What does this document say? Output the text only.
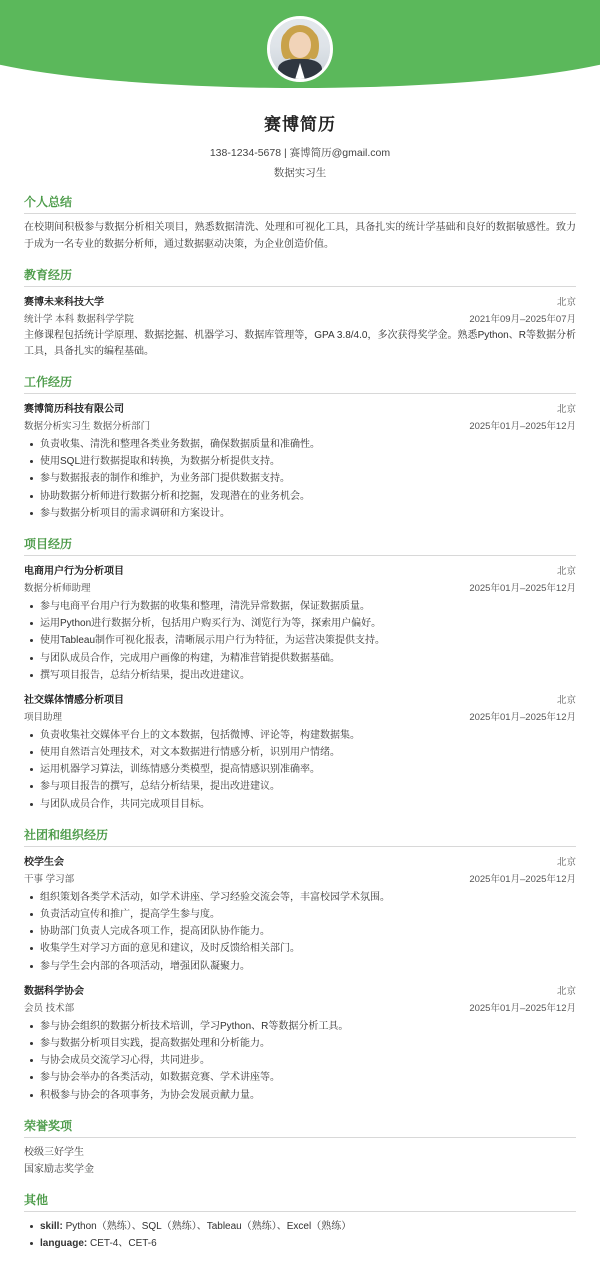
赛博简历
138-1234-5678 | 赛博简历@gmail.com
数据实习生
个人总结
在校期间积极参与数据分析相关项目，熟悉数据清洗、处理和可视化工具，具备扎实的统计学基础和良好的数据敏感性。致力于成为一名专业的数据分析师，通过数据驱动决策，为企业创造价值。
教育经历
赛博未来科技大学	北京
统计学 本科 数据科学学院	2021年09月–2025年07月
主修课程包括统计学原理、数据挖掘、机器学习、数据库管理等，GPA 3.8/4.0，多次获得奖学金。熟悉Python、R等数据分析工具，具备扎实的编程基础。
工作经历
赛博简历科技有限公司	北京
数据分析实习生 数据分析部门	2025年01月–2025年12月
负责收集、清洗和整理各类业务数据，确保数据质量和准确性。
使用SQL进行数据提取和转换，为数据分析提供支持。
参与数据报表的制作和维护，为业务部门提供数据支持。
协助数据分析师进行数据分析和挖掘，发现潜在的业务机会。
参与数据分析项目的需求调研和方案设计。
项目经历
电商用户行为分析项目	北京
数据分析师助理	2025年01月–2025年12月
参与电商平台用户行为数据的收集和整理，清洗异常数据，保证数据质量。
运用Python进行数据分析，包括用户购买行为、浏览行为等，探索用户偏好。
使用Tableau制作可视化报表，清晰展示用户行为特征，为运营决策提供支持。
与团队成员合作，完成用户画像的构建，为精准营销提供数据基础。
撰写项目报告，总结分析结果，提出改进建议。
社交媒体情感分析项目	北京
项目助理	2025年01月–2025年12月
负责收集社交媒体平台上的文本数据，包括微博、评论等，构建数据集。
使用自然语言处理技术，对文本数据进行情感分析，识别用户情绪。
运用机器学习算法，训练情感分类模型，提高情感识别准确率。
参与项目报告的撰写，总结分析结果，提出改进建议。
与团队成员合作，共同完成项目目标。
社团和组织经历
校学生会	北京
干事 学习部	2025年01月–2025年12月
组织策划各类学术活动，如学术讲座、学习经验交流会等，丰富校园学术氛围。
负责活动宣传和推广，提高学生参与度。
协助部门负责人完成各项工作，提高团队协作能力。
收集学生对学习方面的意见和建议，及时反馈给相关部门。
参与学生会内部的各项活动，增强团队凝聚力。
数据科学协会	北京
会员 技术部	2025年01月–2025年12月
参与协会组织的数据分析技术培训，学习Python、R等数据分析工具。
参与数据分析项目实践，提高数据处理和分析能力。
与协会成员交流学习心得，共同进步。
参与协会举办的各类活动，如数据竞赛、学术讲座等。
积极参与协会的各项事务，为协会发展贡献力量。
荣誉奖项
校级三好学生
国家励志奖学金
其他
skill: Python（熟练）、SQL（熟练）、Tableau（熟练）、Excel（熟练）
language: CET-4、CET-6
